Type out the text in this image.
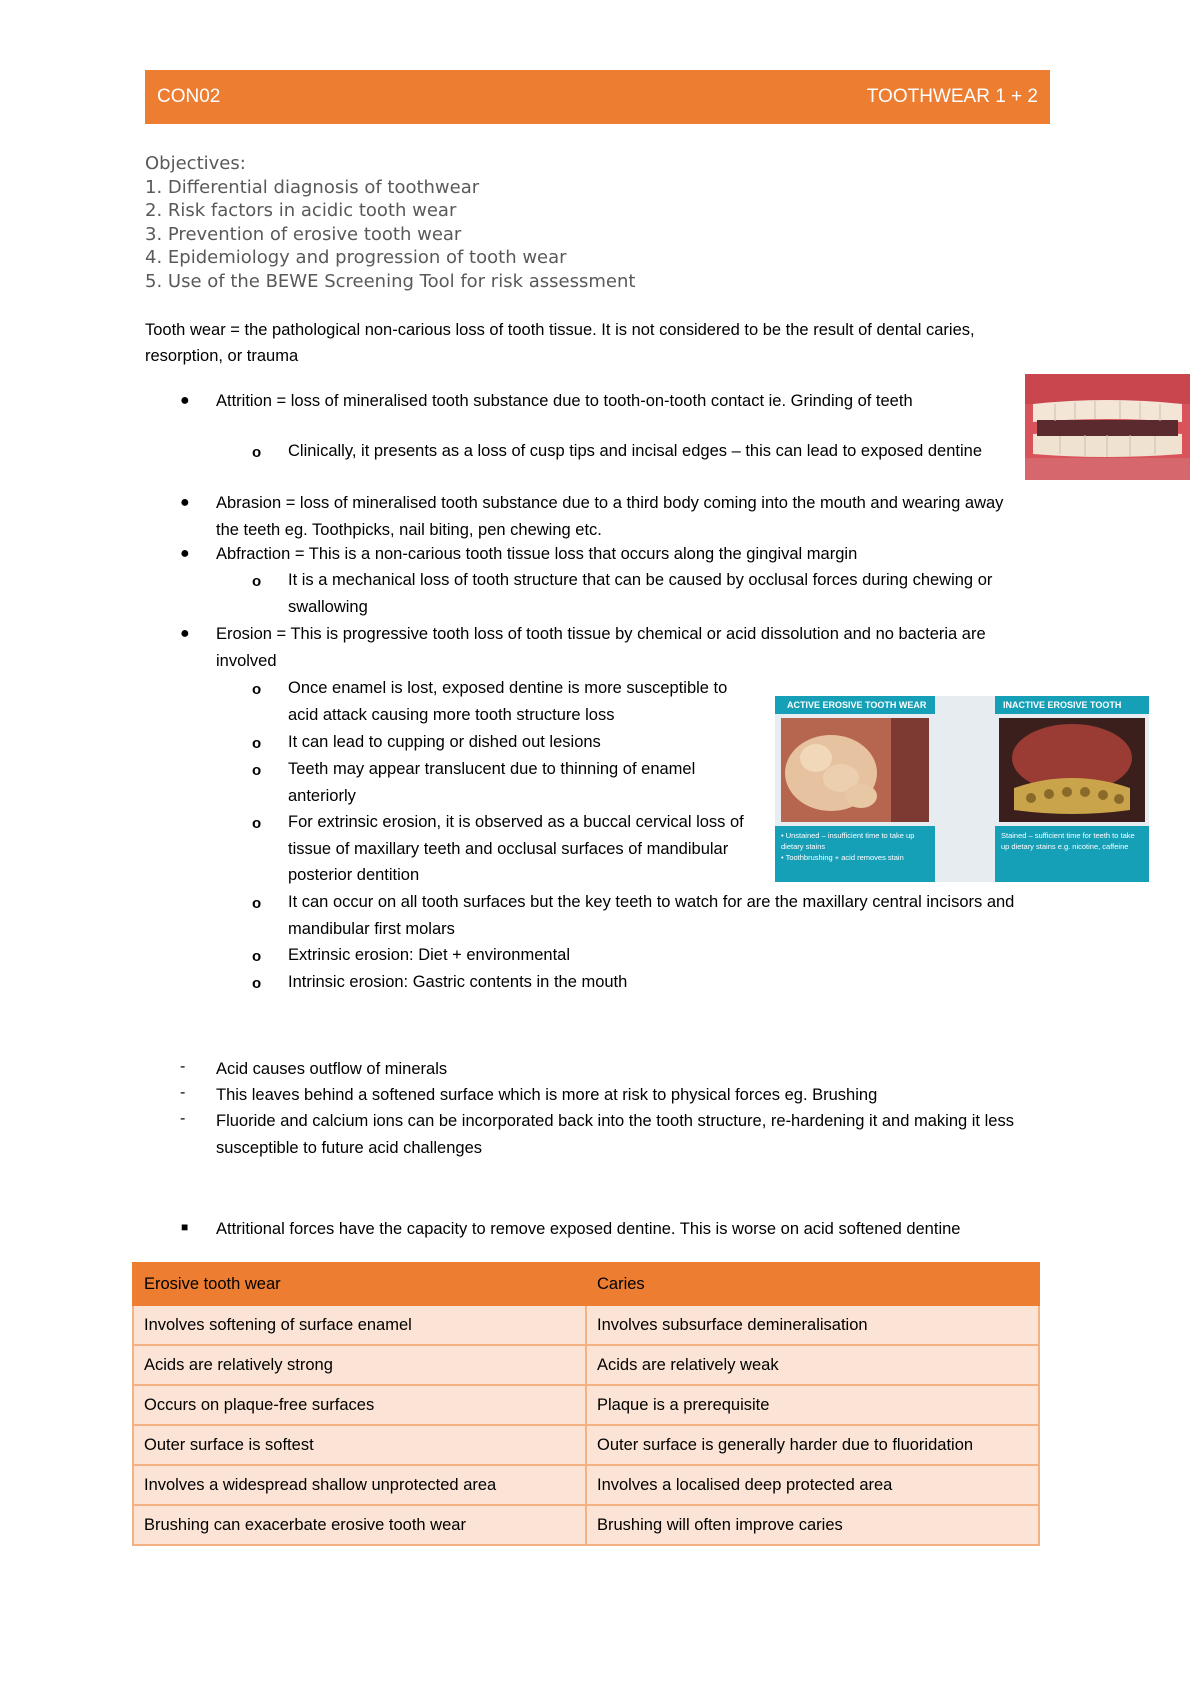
CON02	TOOTHWEAR 1 + 2
Objectives:
1. Differential diagnosis of toothwear
2. Risk factors in acidic tooth wear
3. Prevention of erosive tooth wear
4. Epidemiology and progression of tooth wear
5. Use of the BEWE Screening Tool for risk assessment
Tooth wear = the pathological non-carious loss of tooth tissue. It is not considered to be the result of dental caries, resorption, or trauma
ACTIVE EROSIVE TOOTH WEAR
• Unstained – insufficient time to take up dietary stains
• Toothbrushing + acid removes stain
INACTIVE EROSIVE TOOTH
Stained – sufficient time for teeth to take up dietary stains e.g. nicotine, caffeine
● Attrition = loss of mineralised tooth substance due to tooth-on-tooth contact ie. Grinding of teeth
o Clinically, it presents as a loss of cusp tips and incisal edges – this can lead to exposed dentine
● Abrasion = loss of mineralised tooth substance due to a third body coming into the mouth and wearing away the teeth eg. Toothpicks, nail biting, pen chewing etc.
● Abfraction = This is a non-carious tooth tissue loss that occurs along the gingival margin
o It is a mechanical loss of tooth structure that can be caused by occlusal forces during chewing or swallowing
● Erosion = This is progressive tooth loss of tooth tissue by chemical or acid dissolution and no bacteria are involved
o Once enamel is lost, exposed dentine is more susceptible to acid attack causing more tooth structure loss
o It can lead to cupping or dished out lesions
o Teeth may appear translucent due to thinning of enamel anteriorly
o For extrinsic erosion, it is observed as a buccal cervical loss of tissue of maxillary teeth and occlusal surfaces of mandibular posterior dentition
o It can occur on all tooth surfaces but the key teeth to watch for are the maxillary central incisors and mandibular first molars
o Extrinsic erosion: Diet + environmental
o Intrinsic erosion: Gastric contents in the mouth
- Acid causes outflow of minerals
- This leaves behind a softened surface which is more at risk to physical forces eg. Brushing
- Fluoride and calcium ions can be incorporated back into the tooth structure, re-hardening it and making it less susceptible to future acid challenges
■ Attritional forces have the capacity to remove exposed dentine. This is worse on acid softened dentine
Erosive tooth wear	Caries
Involves softening of surface enamel	Involves subsurface demineralisation
Acids are relatively strong	Acids are relatively weak
Occurs on plaque-free surfaces	Plaque is a prerequisite
Outer surface is softest	Outer surface is generally harder due to fluoridation
Involves a widespread shallow unprotected area	Involves a localised deep protected area
Brushing can exacerbate erosive tooth wear	Brushing will often improve caries
